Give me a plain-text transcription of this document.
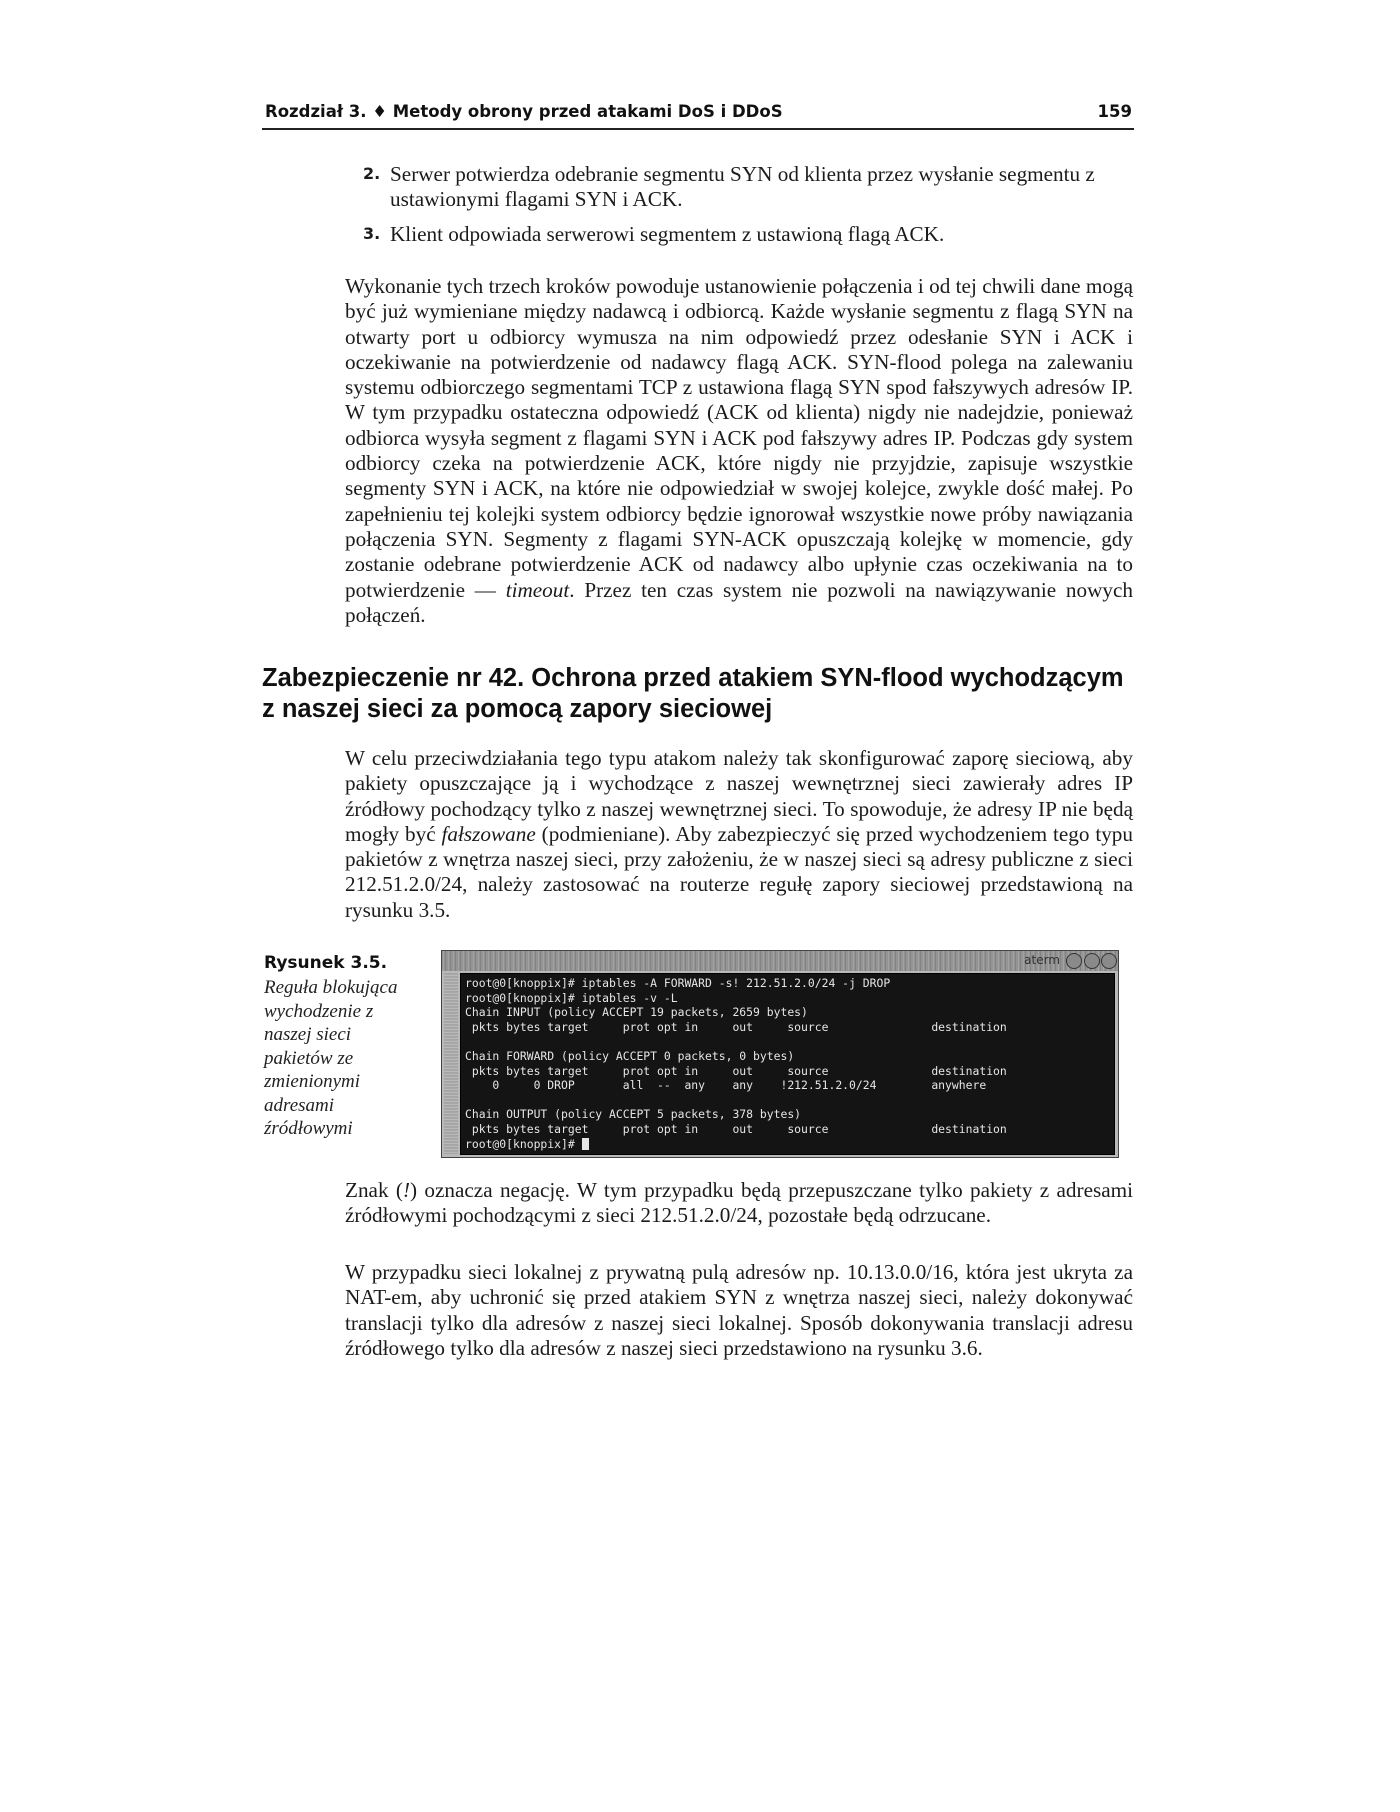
Rozdział 3. ♦ Metody obrony przed atakami DoS i DDoS	159
2. Serwer potwierdza odebranie segmentu SYN od klienta przez wysłanie segmentu z ustawionymi flagami SYN i ACK.
3. Klient odpowiada serwerowi segmentem z ustawioną flagą ACK.

Wykonanie tych trzech kroków powoduje ustanowienie połączenia i od tej chwili dane mogą być już wymieniane między nadawcą i odbiorcą. Każde wysłanie segmentu z flagą SYN na otwarty port u odbiorcy wymusza na nim odpowiedź przez odesłanie SYN i ACK i oczekiwanie na potwierdzenie od nadawcy flagą ACK. SYN-flood polega na zalewaniu systemu odbiorczego segmentami TCP z ustawiona flagą SYN spod fałszywych adresów IP. W tym przypadku ostateczna odpowiedź (ACK od klienta) nigdy nie nadejdzie, ponieważ odbiorca wysyła segment z flagami SYN i ACK pod fałszywy adres IP. Podczas gdy system odbiorcy czeka na potwierdzenie ACK, które nigdy nie przyjdzie, zapisuje wszystkie segmenty SYN i ACK, na które nie odpowiedział w swojej kolejce, zwykle dość małej. Po zapełnieniu tej kolejki system odbiorcy będzie ignorował wszystkie nowe próby nawiązania połączenia SYN. Segmenty z flagami SYN-ACK opuszczają kolejkę w momencie, gdy zostanie odebrane potwierdzenie ACK od nadawcy albo upłynie czas oczekiwania na to potwierdzenie — timeout. Przez ten czas system nie pozwoli na nawiązywanie nowych połączeń.

Zabezpieczenie nr 42. Ochrona przed atakiem SYN-flood wychodzącym z naszej sieci za pomocą zapory sieciowej

W celu przeciwdziałania tego typu atakom należy tak skonfigurować zaporę sieciową, aby pakiety opuszczające ją i wychodzące z naszej wewnętrznej sieci zawierały adres IP źródłowy pochodzący tylko z naszej wewnętrznej sieci. To spowoduje, że adresy IP nie będą mogły być fałszowane (podmieniane). Aby zabezpieczyć się przed wychodzeniem tego typu pakietów z wnętrza naszej sieci, przy założeniu, że w naszej sieci są adresy publiczne z sieci 212.51.2.0/24, należy zastosować na routerze regułę zapory sieciowej przedstawioną na rysunku 3.5.

Rysunek 3.5.
Reguła blokująca wychodzenie z naszej sieci pakietów ze zmienionymi adresami źródłowymi
aterm
root@0[knoppix]# iptables -A FORWARD -s! 212.51.2.0/24 -j DROP
root@0[knoppix]# iptables -v -L
Chain INPUT (policy ACCEPT 19 packets, 2659 bytes)
pkts bytes target     prot opt in     out     source               destination

Chain FORWARD (policy ACCEPT 0 packets, 0 bytes)
pkts bytes target     prot opt in     out     source               destination
0     0 DROP       all  --  any    any    !212.51.2.0/24        anywhere

Chain OUTPUT (policy ACCEPT 5 packets, 378 bytes)
pkts bytes target     prot opt in     out     source               destination
root@0[knoppix]#

Znak (!) oznacza negację. W tym przypadku będą przepuszczane tylko pakiety z adresami źródłowymi pochodzącymi z sieci 212.51.2.0/24, pozostałe będą odrzucane.

W przypadku sieci lokalnej z prywatną pulą adresów np. 10.13.0.0/16, która jest ukryta za NAT-em, aby uchronić się przed atakiem SYN z wnętrza naszej sieci, należy dokonywać translacji tylko dla adresów z naszej sieci lokalnej. Sposób dokonywania translacji adresu źródłowego tylko dla adresów z naszej sieci przedstawiono na rysunku 3.6.
